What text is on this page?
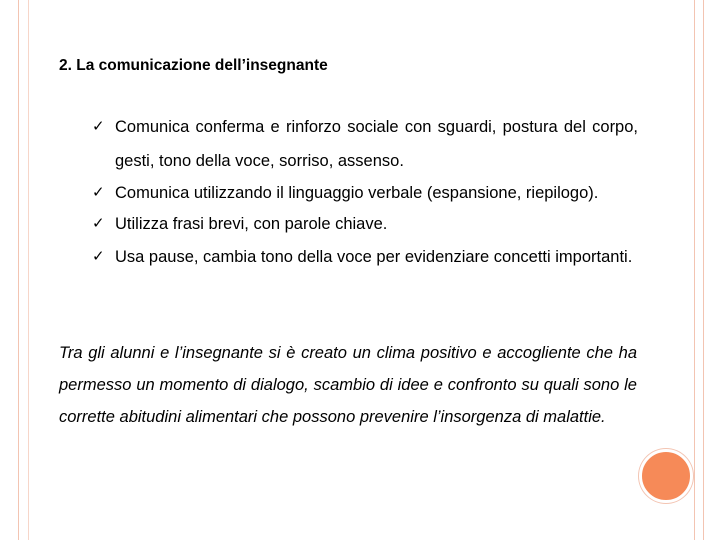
2. La comunicazione dell’insegnante
✓ Comunica conferma e rinforzo sociale con sguardi, postura del corpo, gesti, tono della voce, sorriso, assenso.
✓ Comunica utilizzando il linguaggio verbale (espansione, riepilogo).
✓ Utilizza frasi brevi, con parole chiave.
✓ Usa pause, cambia tono della voce per evidenziare concetti importanti.
Tra gli alunni e l’insegnante si è creato un clima positivo e accogliente che ha permesso un momento di dialogo, scambio di idee e confronto su quali sono le corrette abitudini alimentari che possono prevenire l’insorgenza di malattie.
